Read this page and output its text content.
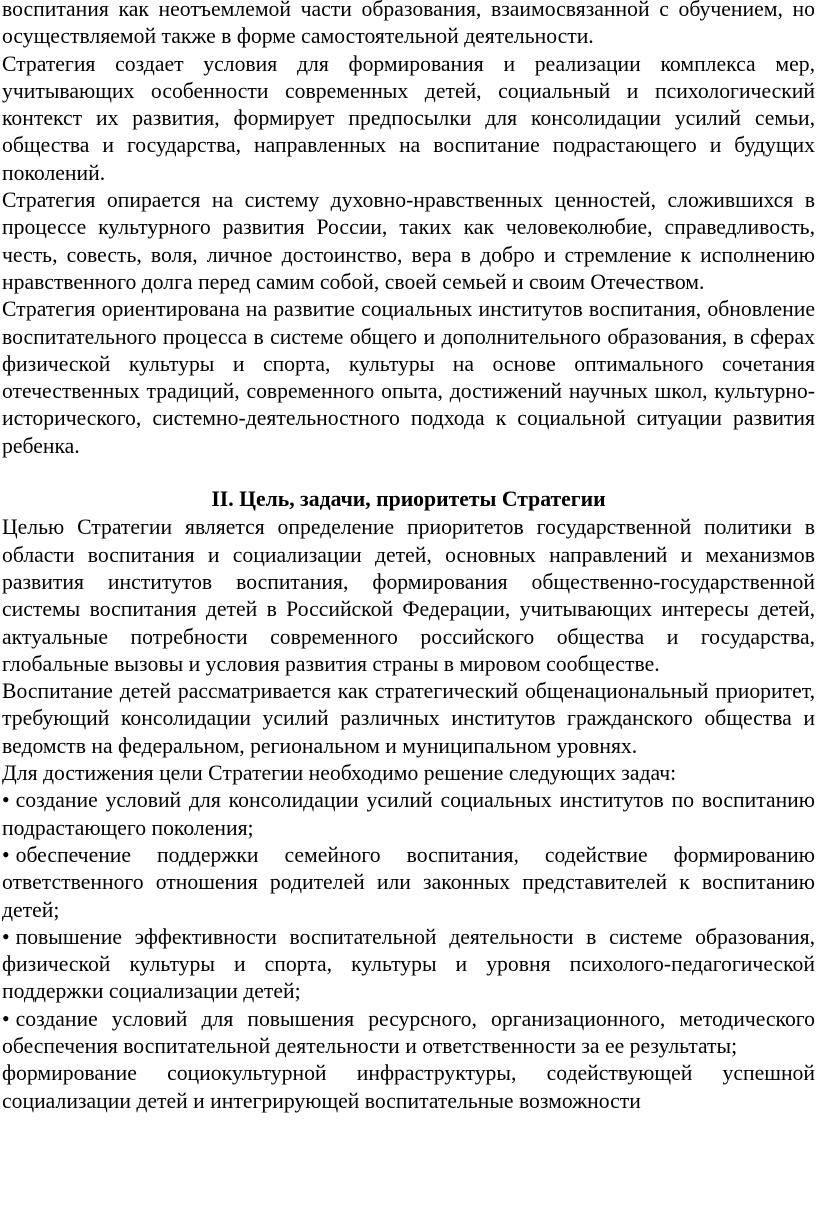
воспитания как неотъемлемой части образования, взаимосвязанной с обучением, но осуществляемой также в форме самостоятельной деятельности.

Стратегия создает условия для формирования и реализации комплекса мер, учитывающих особенности современных детей, социальный и психологический контекст их развития, формирует предпосылки для консолидации усилий семьи, общества и государства, направленных на воспитание подрастающего и будущих поколений.

Стратегия опирается на систему духовно-нравственных ценностей, сложившихся в процессе культурного развития России, таких как человеколюбие, справедливость, честь, совесть, воля, личное достоинство, вера в добро и стремление к исполнению нравственного долга перед самим собой, своей семьей и своим Отечеством.

Стратегия ориентирована на развитие социальных институтов воспитания, обновление воспитательного процесса в системе общего и дополнительного образования, в сферах физической культуры и спорта, культуры на основе оптимального сочетания отечественных традиций, современного опыта, достижений научных школ, культурно-исторического, системно-деятельностного подхода к социальной ситуации развития ребенка.

II. Цель, задачи, приоритеты Стратегии

Целью Стратегии является определение приоритетов государственной политики в области воспитания и социализации детей, основных направлений и механизмов развития институтов воспитания, формирования общественно-государственной системы воспитания детей в Российской Федерации, учитывающих интересы детей, актуальные потребности современного российского общества и государства, глобальные вызовы и условия развития страны в мировом сообществе.

Воспитание детей рассматривается как стратегический общенациональный приоритет, требующий консолидации усилий различных институтов гражданского общества и ведомств на федеральном, региональном и муниципальном уровнях.

Для достижения цели Стратегии необходимо решение следующих задач:

• создание условий для консолидации усилий социальных институтов по воспитанию подрастающего поколения;

• обеспечение поддержки семейного воспитания, содействие формированию ответственного отношения родителей или законных представителей к воспитанию детей;

• повышение эффективности воспитательной деятельности в системе образования, физической культуры и спорта, культуры и уровня психолого-педагогической поддержки социализации детей;

• создание условий для повышения ресурсного, организационного, методического обеспечения воспитательной деятельности и ответственности за ее результаты;

формирование социокультурной инфраструктуры, содействующей успешной социализации детей и интегрирующей воспитательные возможности
